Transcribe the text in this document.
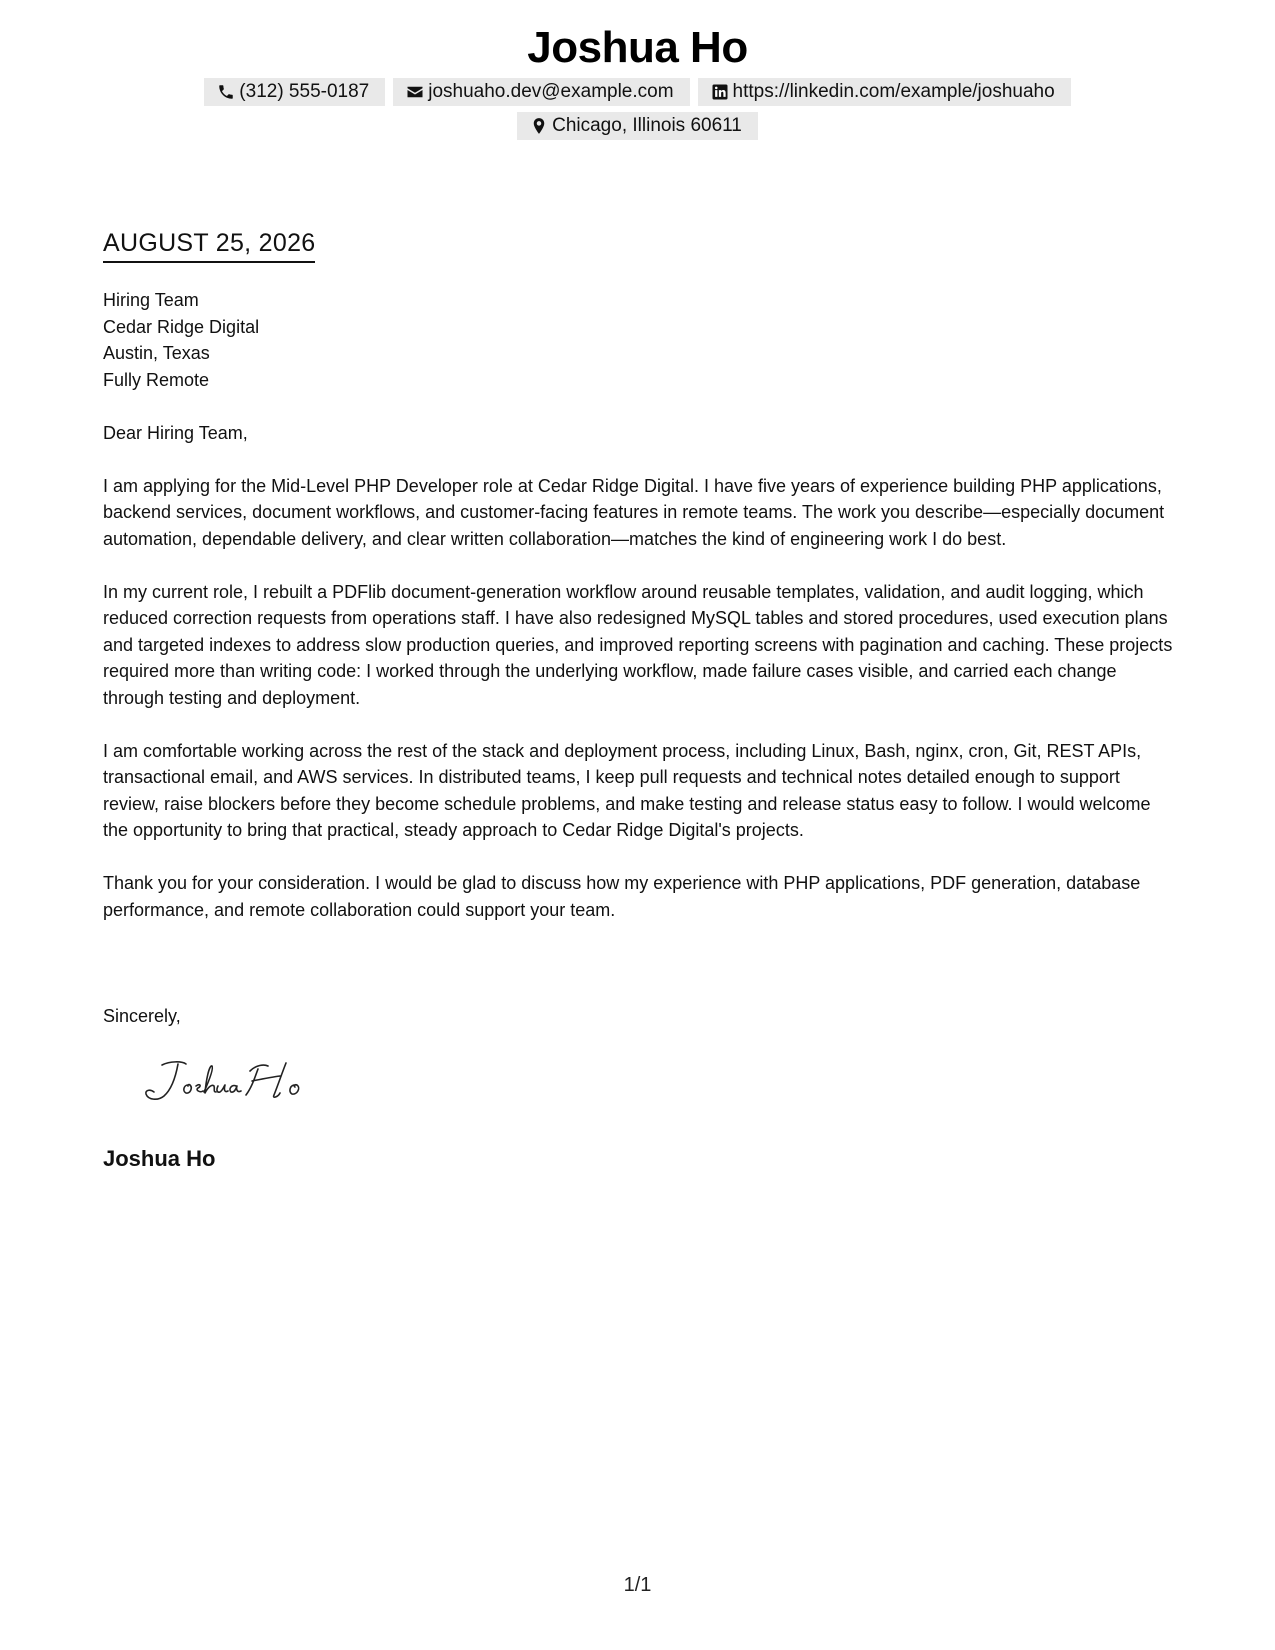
Joshua Ho
(312) 555-0187	joshuaho.dev@example.com	https://linkedin.com/example/joshuaho
Chicago, Illinois 60611
AUGUST 25, 2026

Hiring Team
Cedar Ridge Digital
Austin, Texas
Fully Remote

Dear Hiring Team,

I am applying for the Mid-Level PHP Developer role at Cedar Ridge Digital. I have five years of experience building PHP applications, backend services, document workflows, and customer-facing features in remote teams. The work you describe—especially document automation, dependable delivery, and clear written collaboration—matches the kind of engineering work I do best.

In my current role, I rebuilt a PDFlib document-generation workflow around reusable templates, validation, and audit logging, which reduced correction requests from operations staff. I have also redesigned MySQL tables and stored procedures, used execution plans and targeted indexes to address slow production queries, and improved reporting screens with pagination and caching. These projects required more than writing code: I worked through the underlying workflow, made failure cases visible, and carried each change through testing and deployment.

I am comfortable working across the rest of the stack and deployment process, including Linux, Bash, nginx, cron, Git, REST APIs, transactional email, and AWS services. In distributed teams, I keep pull requests and technical notes detailed enough to support review, raise blockers before they become schedule problems, and make testing and release status easy to follow. I would welcome the opportunity to bring that practical, steady approach to Cedar Ridge Digital's projects.

Thank you for your consideration. I would be glad to discuss how my experience with PHP applications, PDF generation, database performance, and remote collaboration could support your team.

Sincerely,
Joshua Ho
1/1
